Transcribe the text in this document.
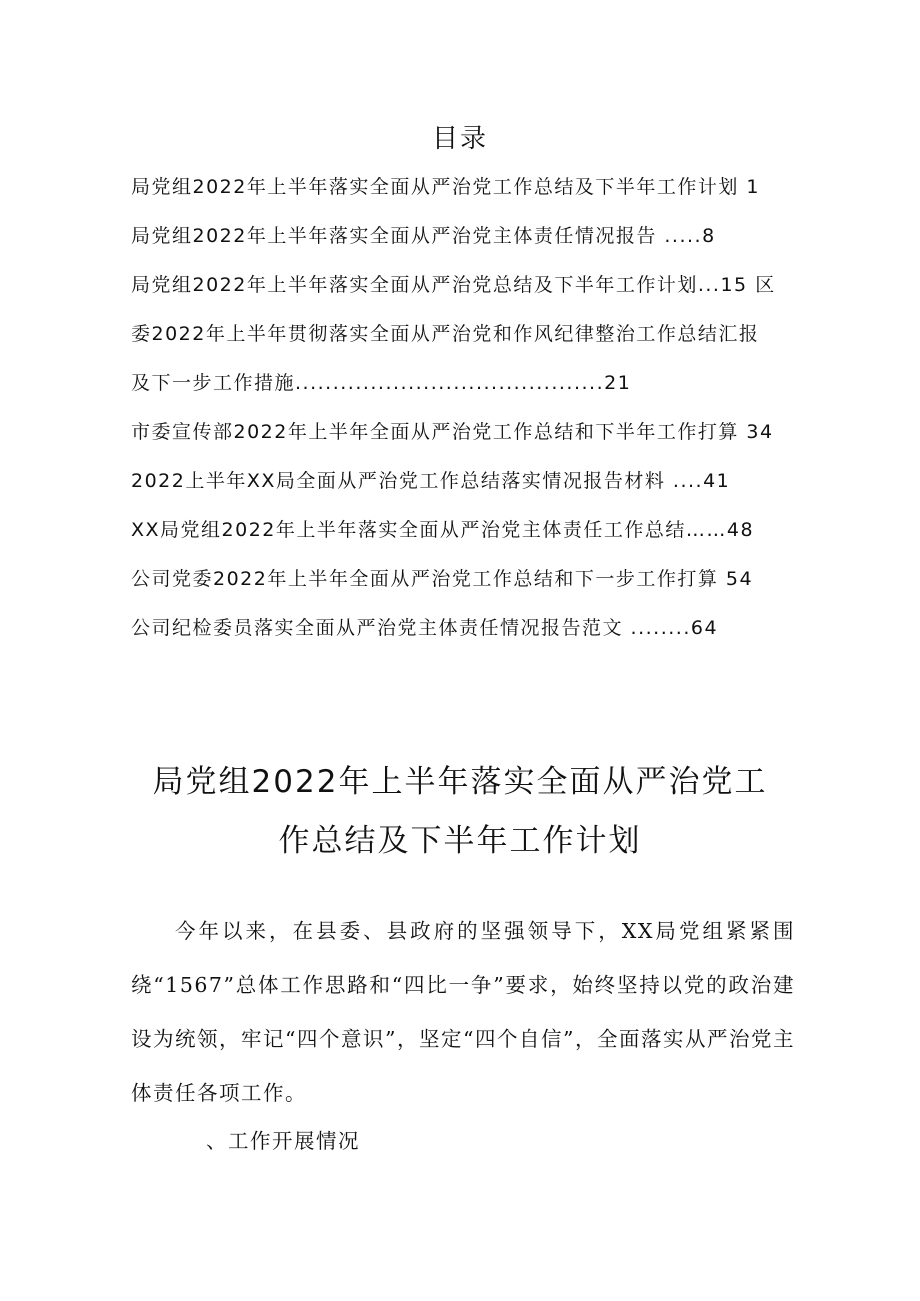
目录
局党组2022年上半年落实全面从严治党工作总结及下半年工作计划 1
局党组2022年上半年落实全面从严治党主体责任情况报告 .....8
局党组2022年上半年落实全面从严治党总结及下半年工作计划...15 区
委2022年上半年贯彻落实全面从严治党和作风纪律整治工作总结汇报
及下一步工作措施.........................................21
市委宣传部2022年上半年全面从严治党工作总结和下半年工作打算 34
2022上半年XX局全面从严治党工作总结落实情况报告材料 ....41
XX局党组2022年上半年落实全面从严治党主体责任工作总结……48
公司党委2022年上半年全面从严治党工作总结和下一步工作打算 54
公司纪检委员落实全面从严治党主体责任情况报告范文 ........64
局党组2022年上半年落实全面从严治党工
作总结及下半年工作计划

今年以来，在县委、县政府的坚强领导下，XX局党组紧紧围绕“1567”总体工作思路和“四比一争”要求，始终坚持以党的政治建设为统领，牢记“四个意识”，坚定“四个自信”，全面落实从严治党主体责任各项工作。

、工作开展情况
